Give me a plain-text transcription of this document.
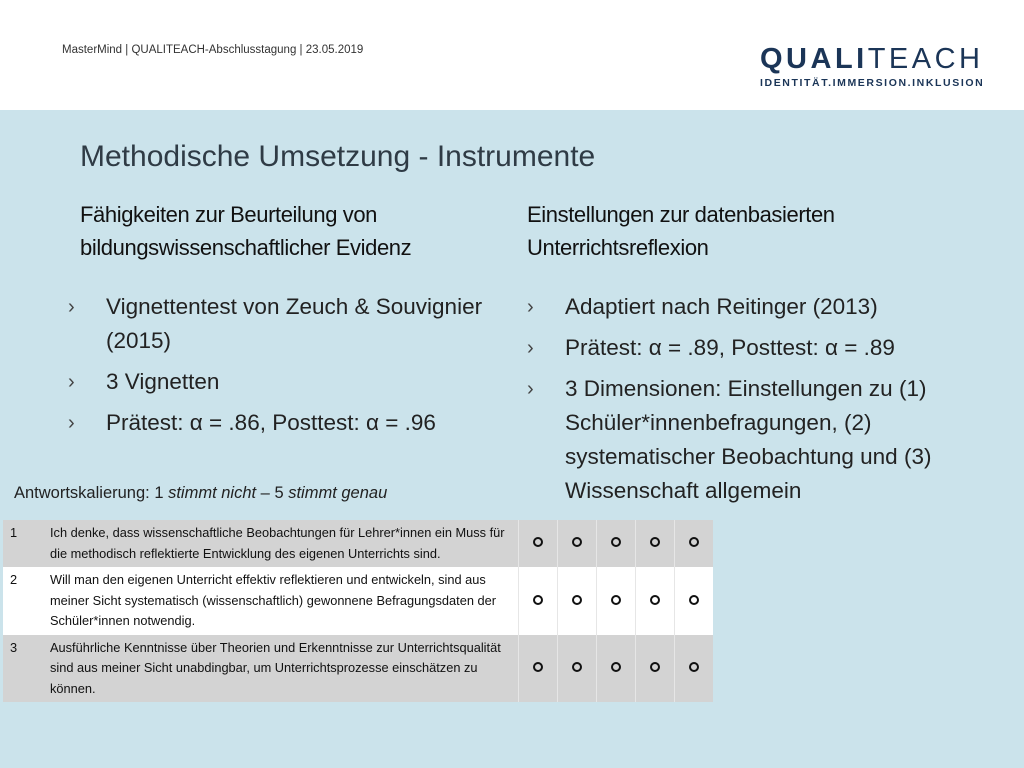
MasterMind | QUALITEACH-Abschlusstagung | 23.05.2019	QUALITEACH
IDENTITÄT.IMMERSION.INKLUSION
Methodische Umsetzung - Instrumente
Fähigkeiten zur Beurteilung von
bildungswissenschaftlicher Evidenz
Einstellungen zur datenbasierten
Unterrichtsreflexion
› Vignettentest von Zeuch & Souvignier (2015)
› 3 Vignetten
› Prätest: α = .86, Posttest: α = .96
› Adaptiert nach Reitinger (2013)
› Prätest: α = .89, Posttest: α = .89
› 3 Dimensionen: Einstellungen zu (1) Schüler*innenbefragungen, (2) systematischer Beobachtung und (3) Wissenschaft allgemein
Antwortskalierung: 1 stimmt nicht – 5 stimmt genau
1	Ich denke, dass wissenschaftliche Beobachtungen für Lehrer*innen ein Muss für die methodisch reflektierte Entwicklung des eigenen Unterrichts sind.					
2	Will man den eigenen Unterricht effektiv reflektieren und entwickeln, sind aus meiner Sicht systematisch (wissenschaftlich) gewonnene Befragungsdaten der Schüler*innen notwendig.					
3	Ausführliche Kenntnisse über Theorien und Erkenntnisse zur Unterrichtsqualität sind aus meiner Sicht unabdingbar, um Unterrichtsprozesse einschätzen zu können.					
